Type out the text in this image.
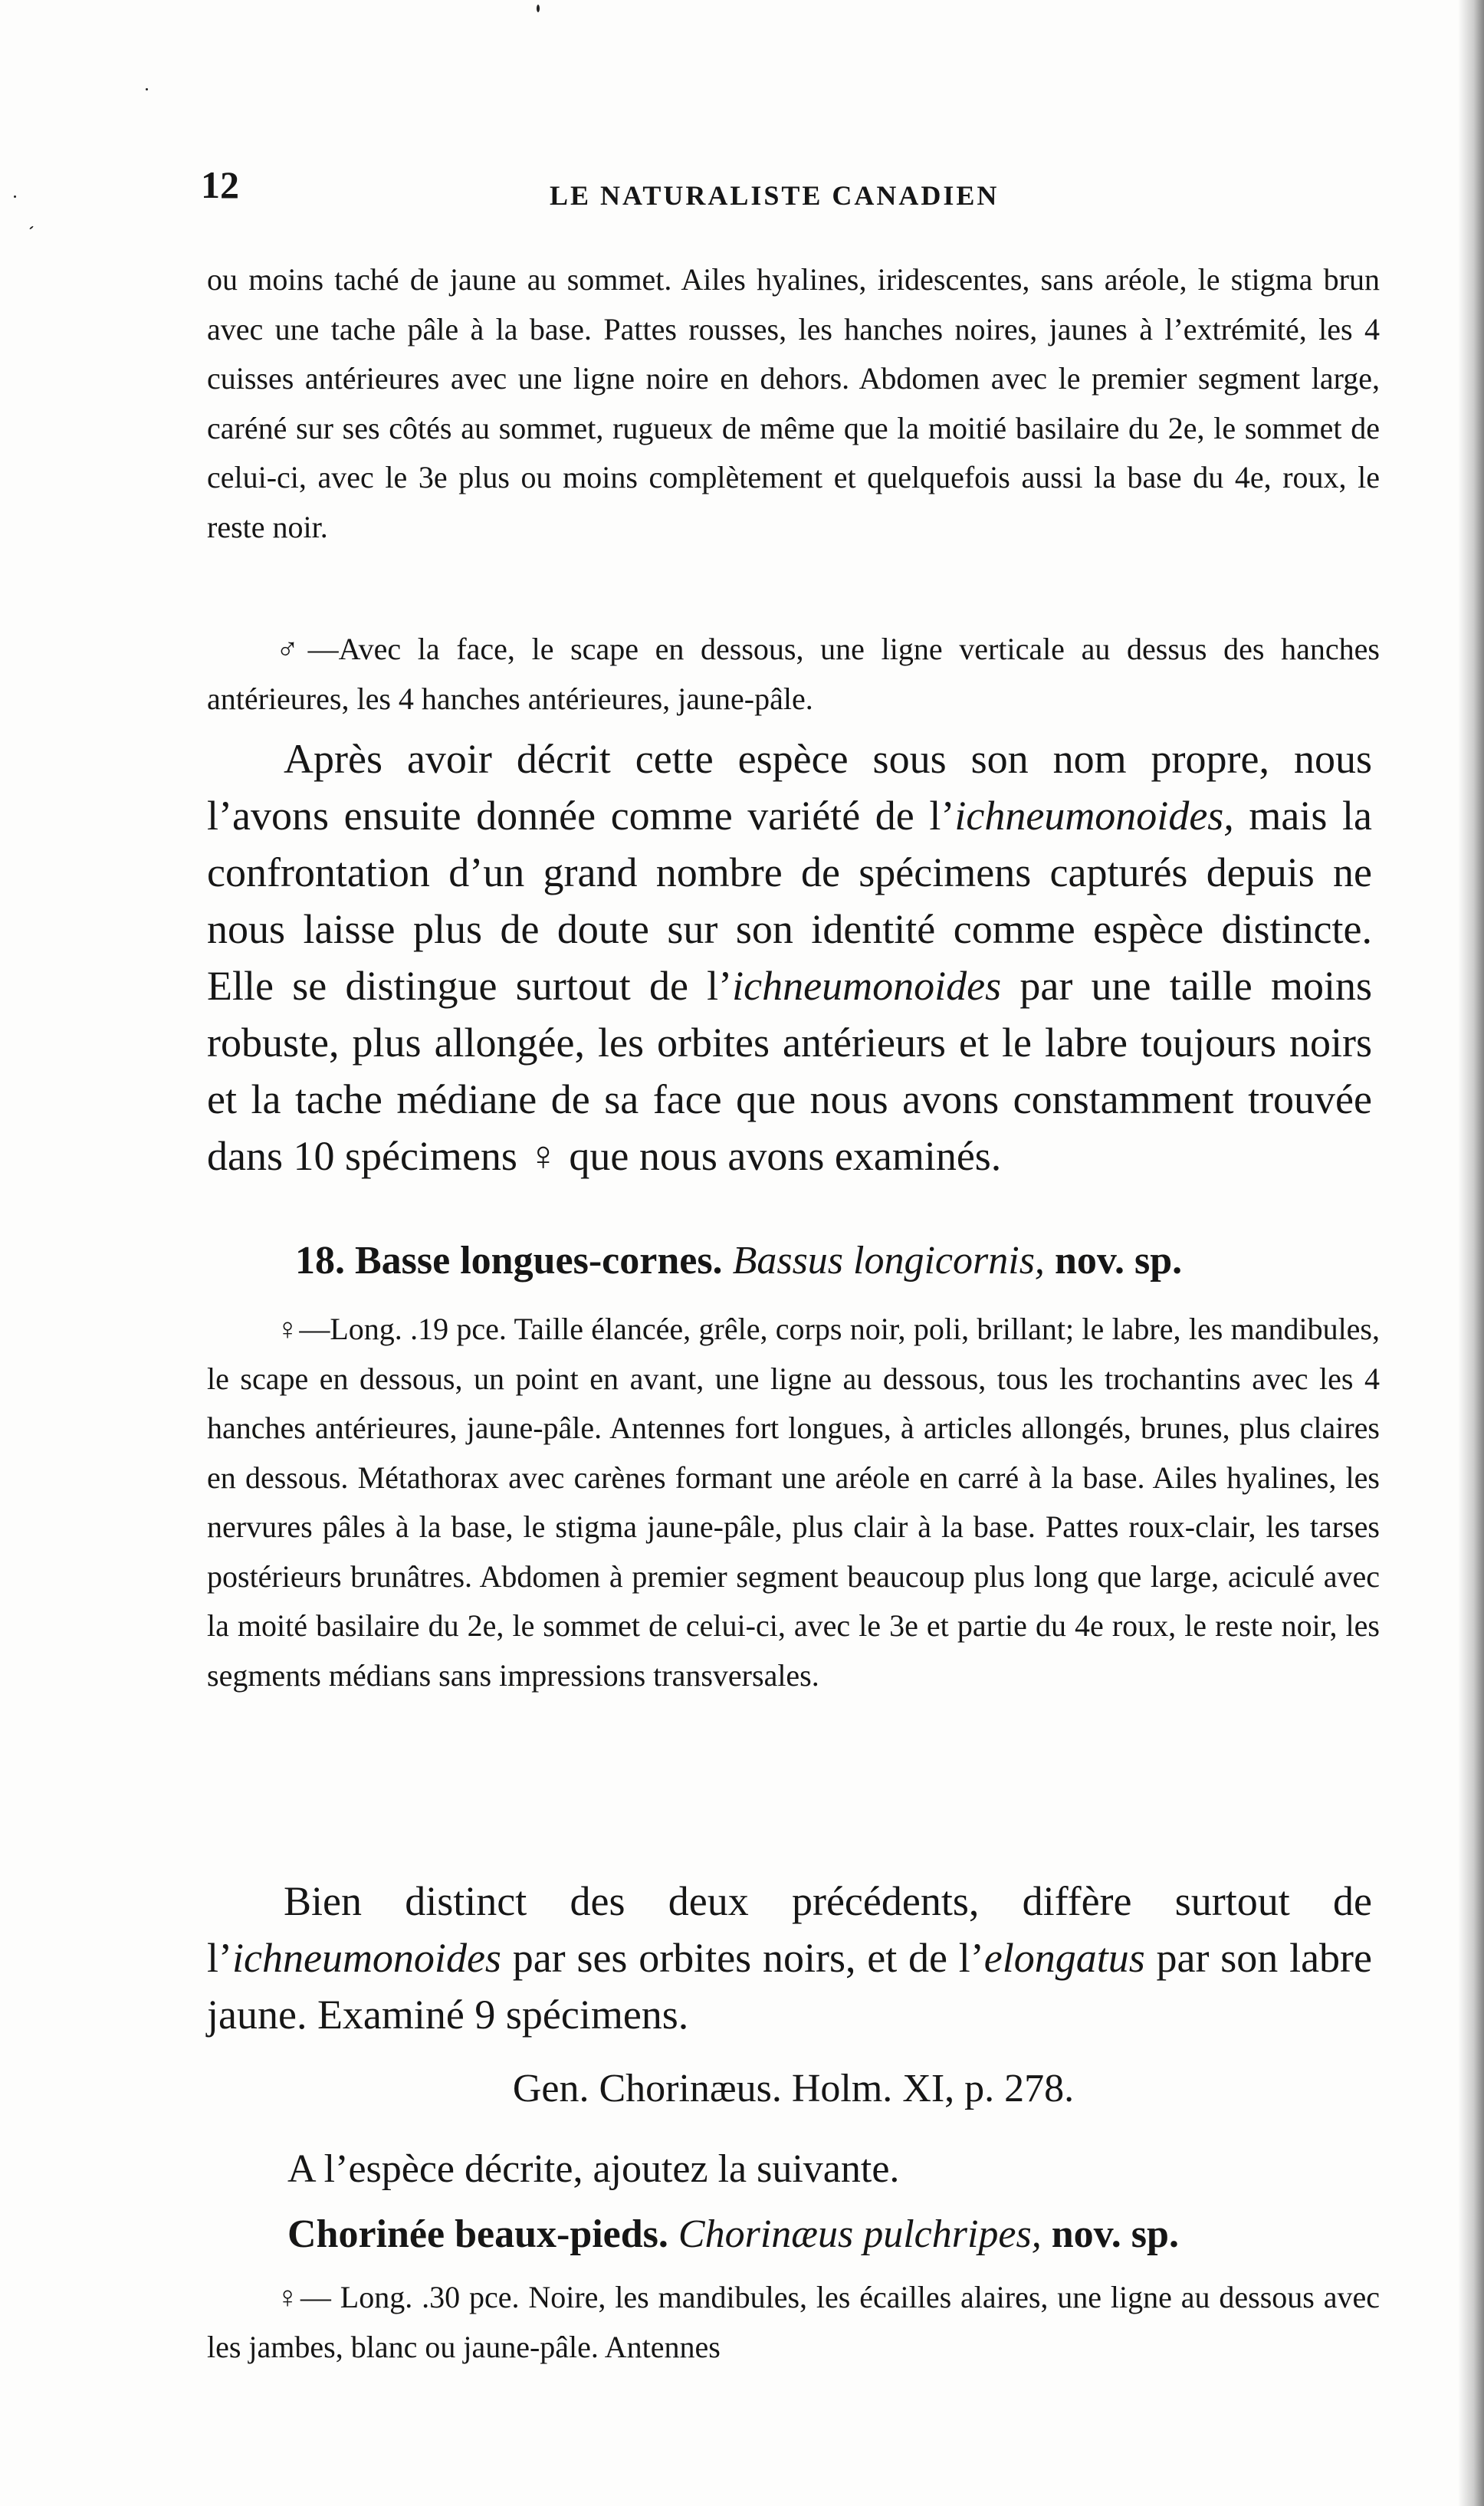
12	LE NATURALISTE CANADIEN

ou moins taché de jaune au sommet. Ailes hyalines, iridescentes, sans aréole, le stigma brun avec une tache pâle à la base. Pattes rousses, les hanches noires, jaunes à l’extrémité, les 4 cuisses antérieures avec une ligne noire en dehors. Abdomen avec le premier segment large, caréné sur ses côtés au sommet, rugueux de même que la moitié basilaire du 2e, le sommet de celui-ci, avec le 3e plus ou moins complètement et quelquefois aussi la base du 4e, roux, le reste noir.

♂—Avec la face, le scape en dessous, une ligne verticale au dessus des hanches antérieures, les 4 hanches antérieures, jaune-pâle.

Après avoir décrit cette espèce sous son nom propre, nous l’avons ensuite donnée comme variété de l’ichneumonoides, mais la confrontation d’un grand nombre de spécimens capturés depuis ne nous laisse plus de doute sur son identité comme espèce distincte. Elle se distingue surtout de l’ichneumonoides par une taille moins robuste, plus allongée, les orbites antérieurs et le labre toujours noirs et la tache médiane de sa face que nous avons constamment trouvée dans 10 spécimens ♀ que nous avons examinés.

18. Basse longues-cornes. Bassus longicornis, nov. sp.

♀—Long. .19 pce. Taille élancée, grêle, corps noir, poli, brillant; le labre, les mandibules, le scape en dessous, un point en avant, une ligne au dessous, tous les trochantins avec les 4 hanches antérieures, jaune-pâle. Antennes fort longues, à articles allongés, brunes, plus claires en dessous. Métathorax avec carènes formant une aréole en carré à la base. Ailes hyalines, les nervures pâles à la base, le stigma jaune-pâle, plus clair à la base. Pattes roux-clair, les tarses postérieurs brunâtres. Abdomen à premier segment beaucoup plus long que large, aciculé avec la moité basilaire du 2e, le sommet de celui-ci, avec le 3e et partie du 4e roux, le reste noir, les segments médians sans impressions transversales.

Bien distinct des deux précédents, diffère surtout de l’ichneumonoides par ses orbites noirs, et de l’elongatus par son labre jaune. Examiné 9 spécimens.

Gen. Chorinæus. Holm. XI, p. 278.

A l’espèce décrite, ajoutez la suivante.

Chorinée beaux-pieds. Chorinæus pulchripes, nov. sp.

♀— Long. .30 pce. Noire, les mandibules, les écailles alaires, une ligne au dessous avec les jambes, blanc ou jaune-pâle. Antennes
